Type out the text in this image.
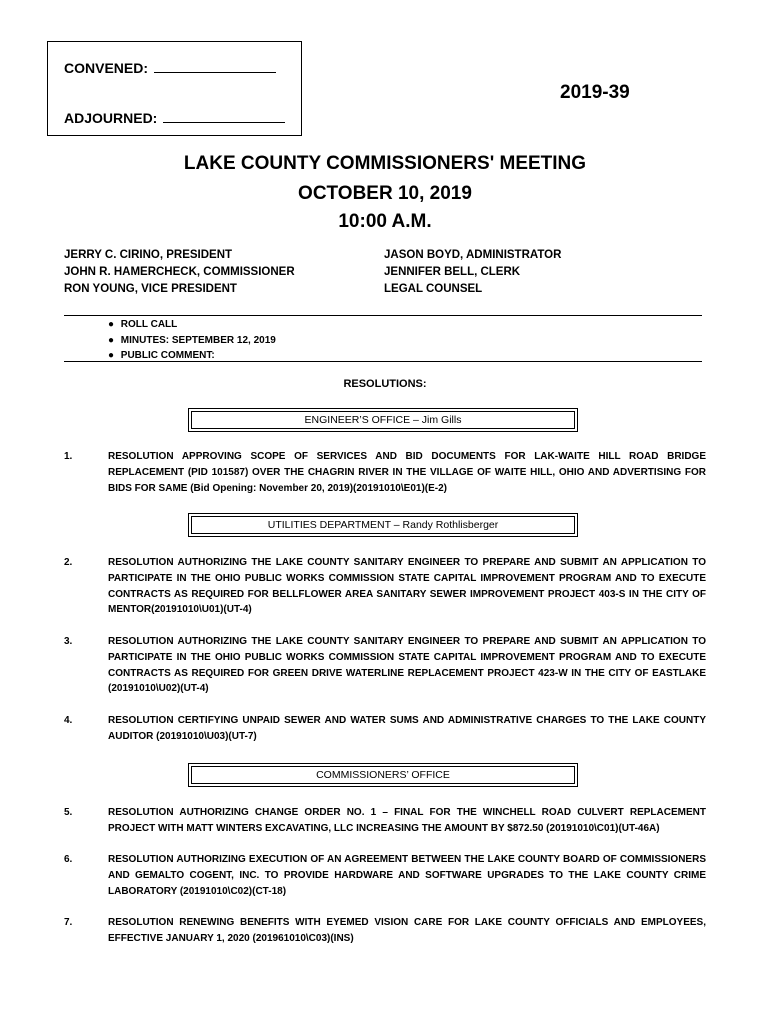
CONVENED:
ADJOURNED:
2019-39
LAKE COUNTY COMMISSIONERS' MEETING
OCTOBER 10, 2019
10:00 A.M.
JERRY C. CIRINO, PRESIDENT
JOHN R. HAMERCHECK, COMMISSIONER
RON YOUNG, VICE PRESIDENT
JASON BOYD, ADMINISTRATOR
JENNIFER BELL, CLERK
LEGAL COUNSEL
● ROLL CALL
● MINUTES: SEPTEMBER 12, 2019
● PUBLIC COMMENT:
RESOLUTIONS:
ENGINEER’S OFFICE – Jim Gills
1.	RESOLUTION APPROVING SCOPE OF SERVICES AND BID DOCUMENTS FOR LAK-WAITE HILL ROAD BRIDGE REPLACEMENT (PID 101587) OVER THE CHAGRIN RIVER IN THE VILLAGE OF WAITE HILL, OHIO AND ADVERTISING FOR BIDS FOR SAME (Bid Opening: November 20, 2019)(20191010\E01)(E-2)
UTILITIES DEPARTMENT – Randy Rothlisberger
2.	RESOLUTION AUTHORIZING THE LAKE COUNTY SANITARY ENGINEER TO PREPARE AND SUBMIT AN APPLICATION TO PARTICIPATE IN THE OHIO PUBLIC WORKS COMMISSION STATE CAPITAL IMPROVEMENT PROGRAM AND TO EXECUTE CONTRACTS AS REQUIRED FOR BELLFLOWER AREA SANITARY SEWER IMPROVEMENT PROJECT 403-S IN THE CITY OF MENTOR(20191010\U01)(UT-4)
3.	RESOLUTION AUTHORIZING THE LAKE COUNTY SANITARY ENGINEER TO PREPARE AND SUBMIT AN APPLICATION TO PARTICIPATE IN THE OHIO PUBLIC WORKS COMMISSION STATE CAPITAL IMPROVEMENT PROGRAM AND TO EXECUTE CONTRACTS AS REQUIRED FOR GREEN DRIVE WATERLINE REPLACEMENT PROJECT 423-W IN THE CITY OF EASTLAKE (20191010\U02)(UT-4)
4.	RESOLUTION CERTIFYING UNPAID SEWER AND WATER SUMS AND ADMINISTRATIVE CHARGES TO THE LAKE COUNTY AUDITOR (20191010\U03)(UT-7)
COMMISSIONERS’ OFFICE
5.	RESOLUTION AUTHORIZING CHANGE ORDER NO. 1 – FINAL FOR THE WINCHELL ROAD CULVERT REPLACEMENT PROJECT WITH MATT WINTERS EXCAVATING, LLC INCREASING THE AMOUNT BY $872.50 (20191010\C01)(UT-46A)
6.	RESOLUTION AUTHORIZING EXECUTION OF AN AGREEMENT BETWEEN THE LAKE COUNTY BOARD OF COMMISSIONERS AND GEMALTO COGENT, INC. TO PROVIDE HARDWARE AND SOFTWARE UPGRADES TO THE LAKE COUNTY CRIME LABORATORY (20191010\C02)(CT-18)
7.	RESOLUTION RENEWING BENEFITS WITH EYEMED VISION CARE FOR LAKE COUNTY OFFICIALS AND EMPLOYEES, EFFECTIVE JANUARY 1, 2020 (201961010\C03)(INS)
